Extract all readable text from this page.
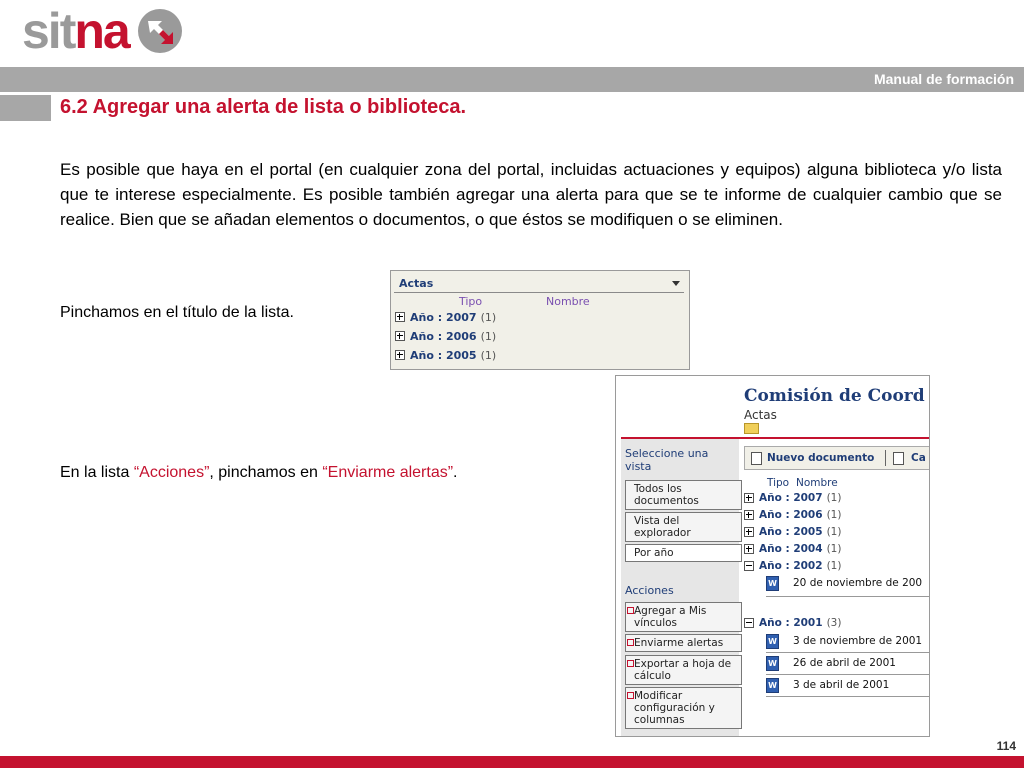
sit na
Manual de formación
6.2 Agregar una alerta de lista o biblioteca.
Es posible que haya en el portal (en cualquier zona del portal, incluidas actuaciones y equipos) alguna biblioteca y/o lista que te interese especialmente. Es posible también agregar una alerta para que se te informe de cualquier cambio que se realice. Bien que se añadan elementos o documentos, o que éstos se modifiquen o se eliminen.
Pinchamos en el título de la lista.
En la lista “Acciones”, pinchamos en “Enviarme alertas”.
Actas
Tipo	Nombre
Año : 2007 (1)
Año : 2006 (1)
Año : 2005 (1)
Comisión de Coord
Actas
Seleccione una vista
Todos los documentos
Vista del explorador
Por año
Acciones
Agregar a Mis vínculos
Enviarme alertas
Exportar a hoja de cálculo
Modificar configuración y columnas
Nuevo documento	Ca
Tipo Nombre
Año : 2007 (1)
Año : 2006 (1)
Año : 2005 (1)
Año : 2004 (1)
Año : 2002 (1)
W 20 de noviembre de 200
Año : 2001 (3)
W 3 de noviembre de 2001
W 26 de abril de 2001
W 3 de abril de 2001
114
